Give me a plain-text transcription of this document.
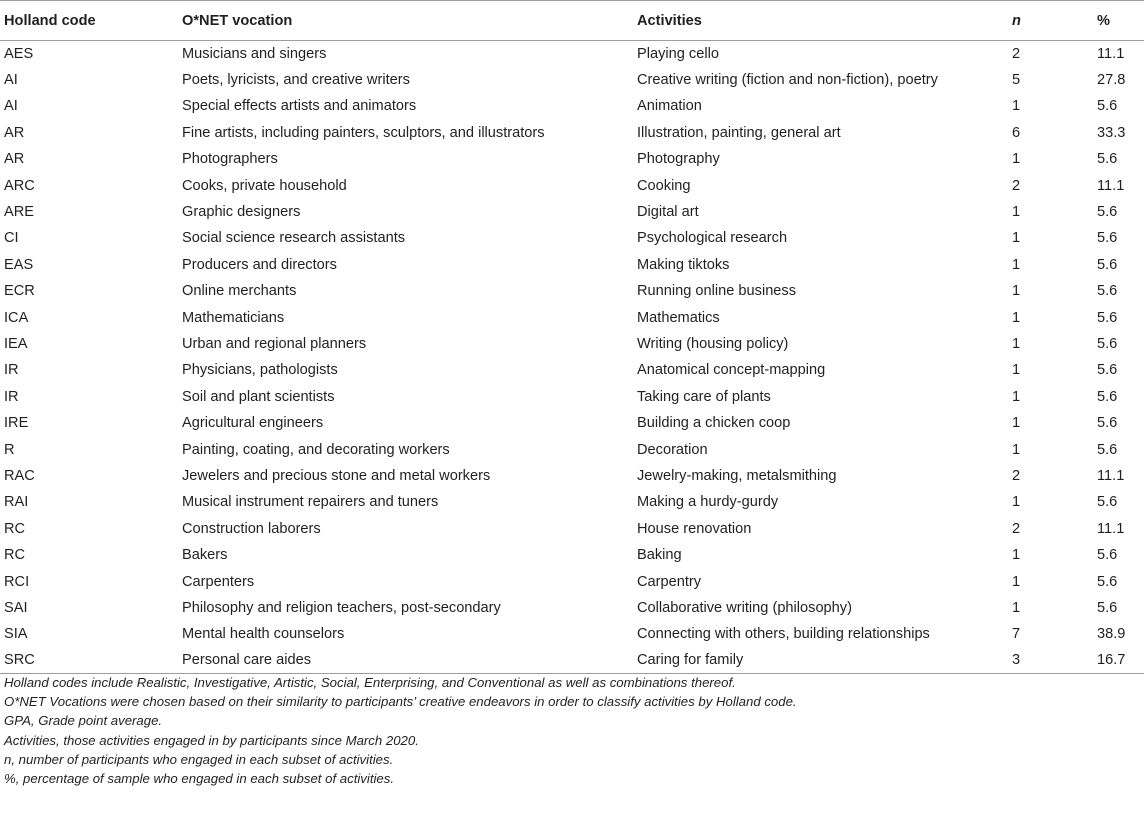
Holland code	O*NET vocation	Activities	n	%
AES	Musicians and singers	Playing cello	2	11.1
AI	Poets, lyricists, and creative writers	Creative writing (fiction and non-fiction), poetry	5	27.8
AI	Special effects artists and animators	Animation	1	5.6
AR	Fine artists, including painters, sculptors, and illustrators	Illustration, painting, general art	6	33.3
AR	Photographers	Photography	1	5.6
ARC	Cooks, private household	Cooking	2	11.1
ARE	Graphic designers	Digital art	1	5.6
CI	Social science research assistants	Psychological research	1	5.6
EAS	Producers and directors	Making tiktoks	1	5.6
ECR	Online merchants	Running online business	1	5.6
ICA	Mathematicians	Mathematics	1	5.6
IEA	Urban and regional planners	Writing (housing policy)	1	5.6
IR	Physicians, pathologists	Anatomical concept-mapping	1	5.6
IR	Soil and plant scientists	Taking care of plants	1	5.6
IRE	Agricultural engineers	Building a chicken coop	1	5.6
R	Painting, coating, and decorating workers	Decoration	1	5.6
RAC	Jewelers and precious stone and metal workers	Jewelry-making, metalsmithing	2	11.1
RAI	Musical instrument repairers and tuners	Making a hurdy-gurdy	1	5.6
RC	Construction laborers	House renovation	2	11.1
RC	Bakers	Baking	1	5.6
RCI	Carpenters	Carpentry	1	5.6
SAI	Philosophy and religion teachers, post-secondary	Collaborative writing (philosophy)	1	5.6
SIA	Mental health counselors	Connecting with others, building relationships	7	38.9
SRC	Personal care aides	Caring for family	3	16.7
Holland codes include Realistic, Investigative, Artistic, Social, Enterprising, and Conventional as well as combinations thereof.
O*NET Vocations were chosen based on their similarity to participants’ creative endeavors in order to classify activities by Holland code.
GPA, Grade point average.
Activities, those activities engaged in by participants since March 2020.
n, number of participants who engaged in each subset of activities.
%, percentage of sample who engaged in each subset of activities.
